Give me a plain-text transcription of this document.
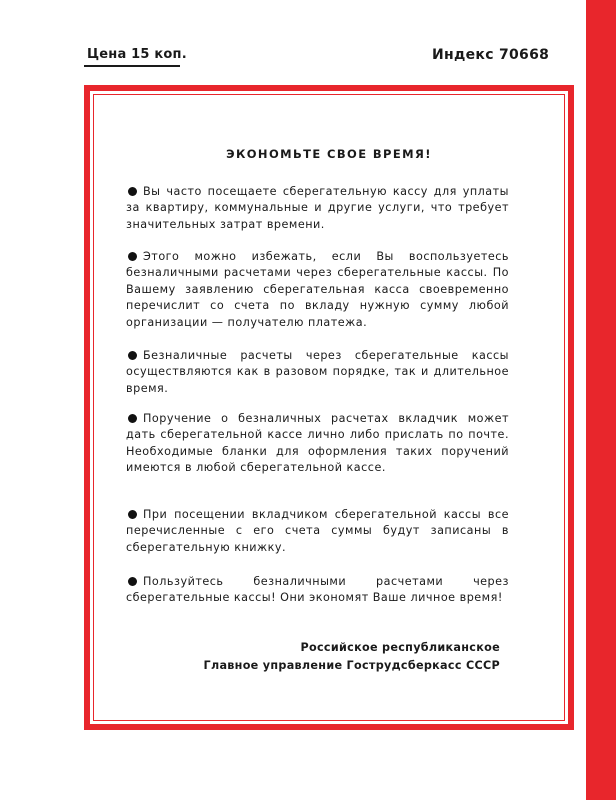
Цена 15 коп.	Индекс 70668
ЭКОНОМЬТЕ СВОЕ ВРЕМЯ!
Вы часто посещаете сберегательную кассу для уплаты за квартиру, коммунальные и другие услуги, что требует значительных затрат времени.
Этого можно избежать, если Вы воспользуетесь безналичными расчетами через сберегательные кассы. По Вашему заявлению сберегательная касса своевременно перечислит со счета по вкладу нужную сумму любой организации — получателю платежа.
Безналичные расчеты через сберегательные кассы осуществляются как в разовом порядке, так и длительное время.
Поручение о безналичных расчетах вкладчик может дать сберегательной кассе лично либо прислать по почте. Необходимые бланки для оформления таких поручений имеются в любой сберегательной кассе.
При посещении вкладчиком сберегательной кассы все перечисленные с его счета суммы будут записаны в сберегательную книжку.
Пользуйтесь безналичными расчетами через сберегательные кассы! Они экономят Ваше личное время!
Российское республиканское
Главное управление Гострудсберкасс СССР
